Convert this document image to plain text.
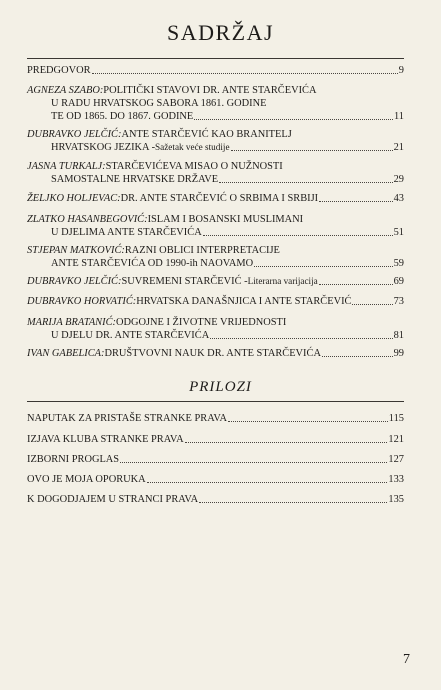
SADRŽAJ
PREDGOVOR	9
AGNEZA SZABO: POLITIČKI STAVOVI DR. ANTE STARČEVIĆA
U RADU HRVATSKOG SABORA 1861. GODINE
TE OD 1865. DO 1867. GODINE	11
DUBRAVKO JELČIĆ: ANTE STARČEVIĆ KAO BRANITELJ
HRVATSKOG JEZIKA - Sažetak veće studije	21
JASNA TURKALJ: STARČEVIĆEVA MISAO O NUŽNOSTI
SAMOSTALNE HRVATSKE DRŽAVE	29
ŽELJKO HOLJEVAC: DR. ANTE STARČEVIĆ O SRBIMA I SRBIJI	43
ZLATKO HASANBEGOVIĆ: ISLAM I BOSANSKI MUSLIMANI
U DJELIMA ANTE STARČEVIĆA	51
STJEPAN MATKOVIĆ: RAZNI OBLICI INTERPRETACIJE
ANTE STARČEVIĆA OD 1990-ih NAOVAMO	59
DUBRAVKO JELČIĆ: SUVREMENI STARČEVIĆ - Literarna varijacija	69
DUBRAVKO HORVATIĆ: HRVATSKA DANAŠNJICA I ANTE STARČEVIĆ	73
MARIJA BRATANIĆ: ODGOJNE I ŽIVOTNE VRIJEDNOSTI
U DJELU DR. ANTE STARČEVIĆA	81
IVAN GABELICA: DRUŠTVOVNI NAUK DR. ANTE STARČEVIĆA	99
PRILOZI
NAPUTAK ZA PRISTAŠE STRANKE PRAVA	115
IZJAVA KLUBA STRANKE PRAVA	121
IZBORNI PROGLAS	127
OVO JE MOJA OPORUKA	133
K DOGODJAJEM U STRANCI PRAVA	135
7
